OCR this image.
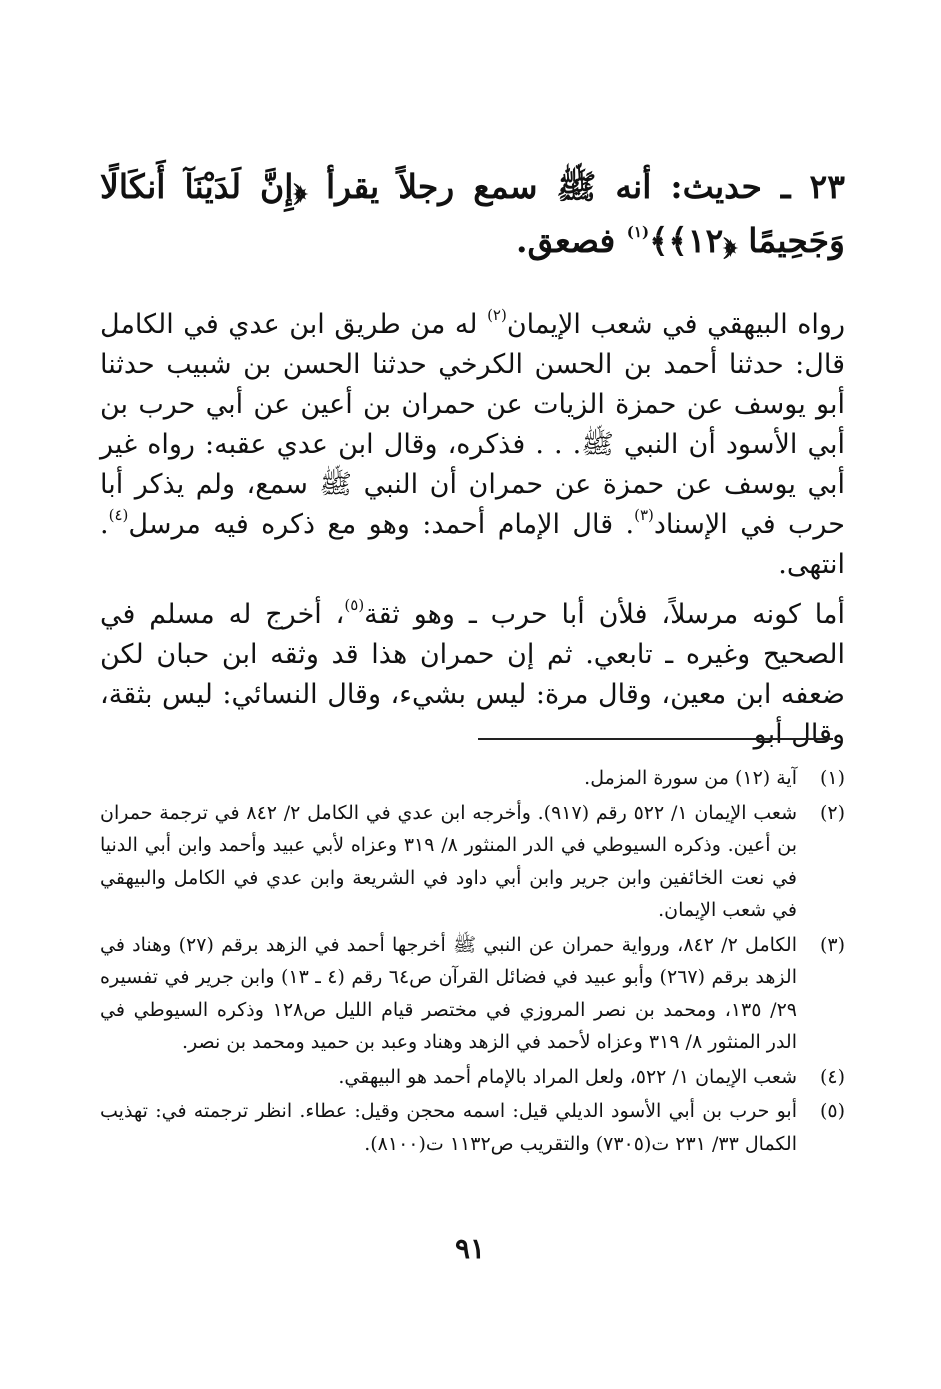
٢٣ ـ حديث: أنه ﷺ سمع رجلاً يقرأ ﴿إِنَّ لَدَيْنَآ أَنكَالًا وَجَحِيمًا ﴿١٢﴾﴾$^{(١)}$ فصعق.

رواه البيهقي في شعب الإيمان$^{(٢)}$ له من طريق ابن عدي في الكامل قال: حدثنا أحمد بن الحسن الكرخي حدثنا الحسن بن شبيب حدثنا أبو يوسف عن حمزة الزيات عن حمران بن أعين عن أبي حرب بن أبي الأسود أن النبي ﷺ. . . فذكره، وقال ابن عدي عقبه: رواه غير أبي يوسف عن حمزة عن حمران أن النبي ﷺ سمع، ولم يذكر أبا حرب في الإسناد$^{(٣)}$. قال الإمام أحمد: وهو مع ذكره فيه مرسل$^{(٤)}$. انتهى.

أما كونه مرسلاً، فلأن أبا حرب ـ وهو ثقة$^{(٥)}$، أخرج له مسلم في الصحيح وغيره ـ تابعي. ثم إن حمران هذا قد وثقه ابن حبان لكن ضعفه ابن معين، وقال مرة: ليس بشيء، وقال النسائي: ليس بثقة، وقال أبو

(١)
آية (١٢) من سورة المزمل.
(٢)
شعب الإيمان ١/ ٥٢٢ رقم (٩١٧). وأخرجه ابن عدي في الكامل ٢/ ٨٤٢ في ترجمة حمران بن أعين. وذكره السيوطي في الدر المنثور ٨/ ٣١٩ وعزاه لأبي عبيد وأحمد وابن أبي الدنيا في نعت الخائفين وابن جرير وابن أبي داود في الشريعة وابن عدي في الكامل والبيهقي في شعب الإيمان.
(٣)
الكامل ٢/ ٨٤٢، ورواية حمران عن النبي ﷺ أخرجها أحمد في الزهد برقم (٢٧) وهناد في الزهد برقم (٢٦٧) وأبو عبيد في فضائل القرآن ص٦٤ رقم (٤ ـ ١٣) وابن جرير في تفسيره ٢٩/ ١٣٥، ومحمد بن نصر المروزي في مختصر قيام الليل ص١٢٨ وذكره السيوطي في الدر المنثور ٨/ ٣١٩ وعزاه لأحمد في الزهد وهناد وعبد بن حميد ومحمد بن نصر.
(٤)
شعب الإيمان ١/ ٥٢٢، ولعل المراد بالإمام أحمد هو البيهقي.
(٥)
أبو حرب بن أبي الأسود الديلي قيل: اسمه محجن وقيل: عطاء. انظر ترجمته في: تهذيب الكمال ٣٣/ ٢٣١ ت(٧٣٠٥) والتقريب ص١١٣٢ ت(٨١٠٠).
٩١
